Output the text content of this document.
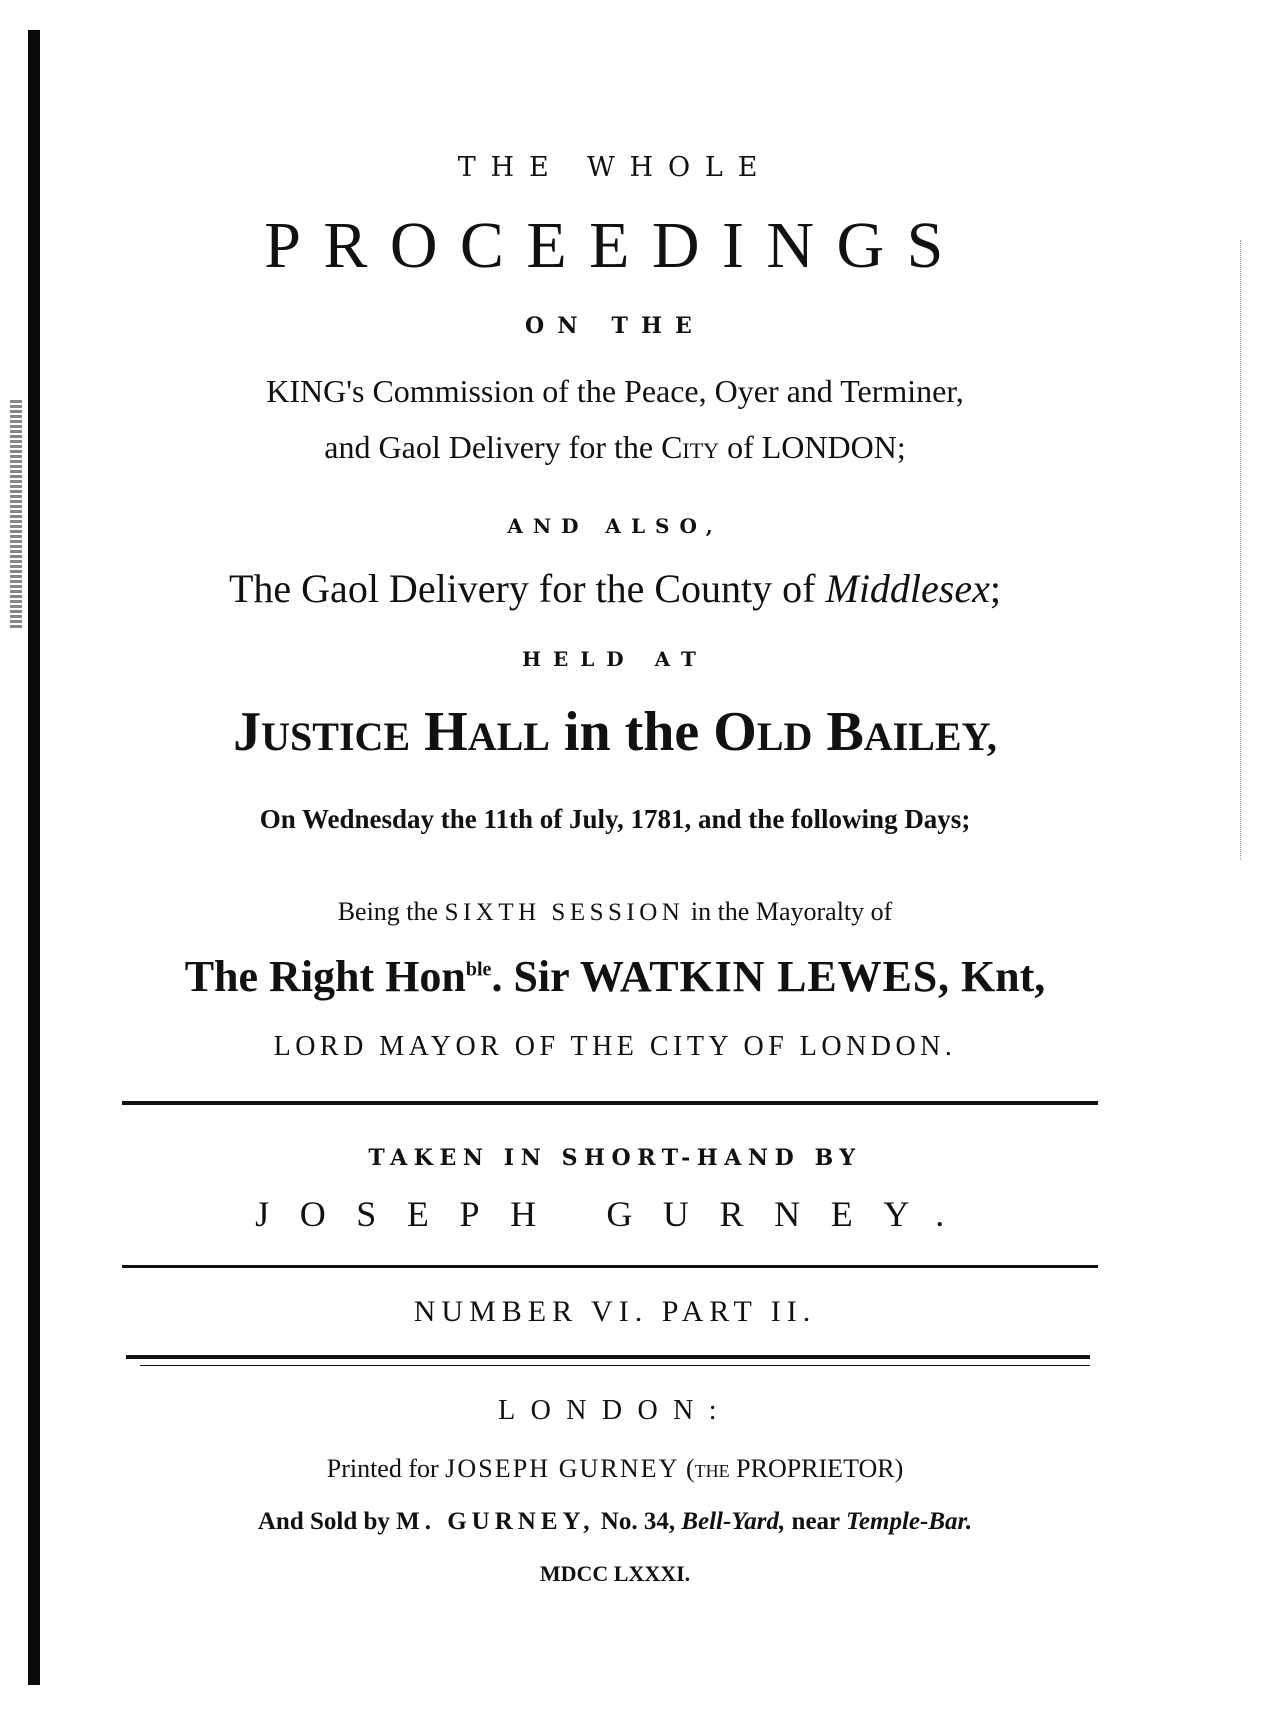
THE WHOLE

PROCEEDINGS

ON THE

KING's Commission of the Peace, Oyer and Terminer,

and Gaol Delivery for the City of LONDON;

AND ALSO,

The Gaol Delivery for the County of Middlesex;

HELD AT

JUSTICE HALL in the OLD BAILEY,

On Wednesday the 11th of July, 1781, and the following Days;

Being the SIXTH SESSION in the Mayoralty of

The Right Hon$^{ble}$. Sir WATKIN LEWES, Knt,

LORD MAYOR OF THE CITY OF LONDON.

TAKEN IN SHORT-HAND BY

JOSEPH GURNEY.

NUMBER VI. PART II.

LONDON:

Printed for JOSEPH GURNEY (the PROPRIETOR)

And Sold by M. GURNEY, No. 34, Bell-Yard, near Temple-Bar.

MDCC LXXXI.
